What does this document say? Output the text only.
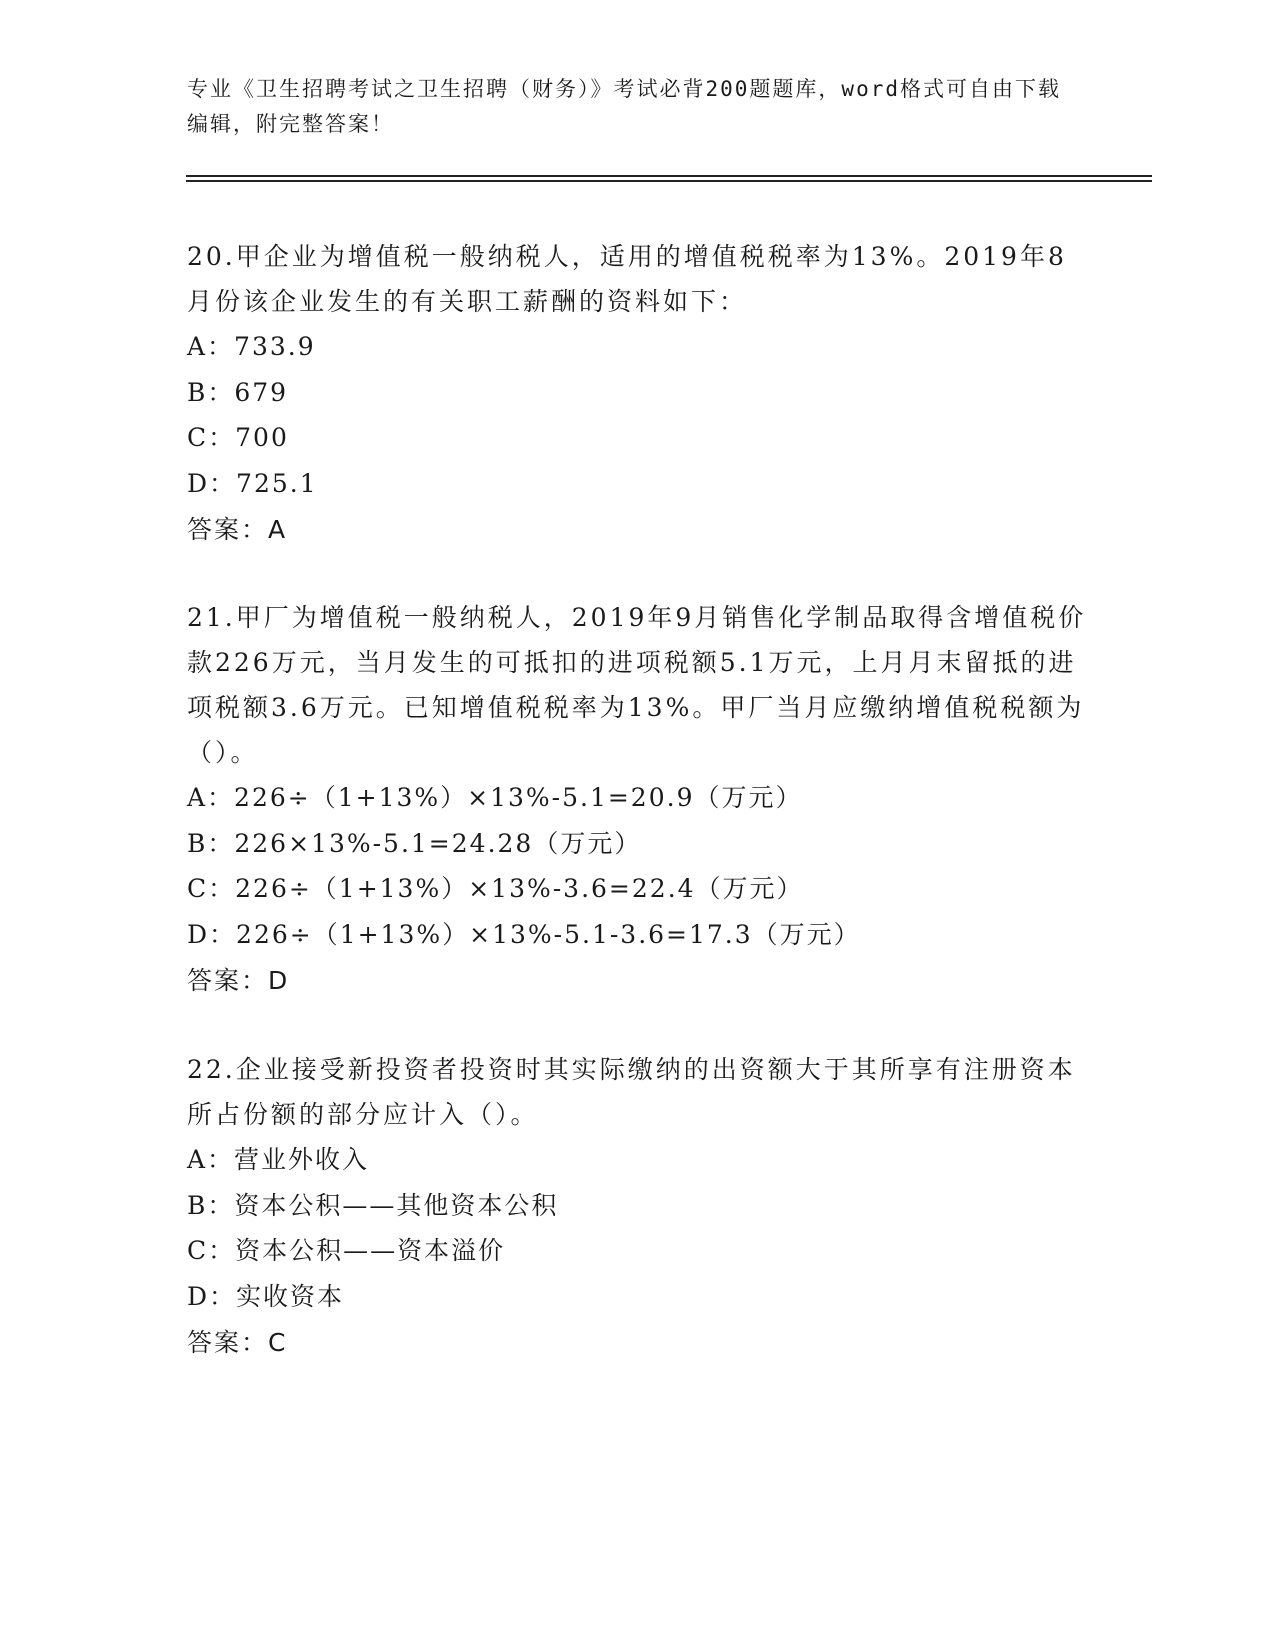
专业《卫生招聘考试之卫生招聘（财务）》考试必背200题题库，word格式可自由下载编辑，附完整答案！
20.甲企业为增值税一般纳税人，适用的增值税税率为13%。2019年8月份该企业发生的有关职工薪酬的资料如下：
A：733.9
B：679
C：700
D：725.1
答案：A
21.甲厂为增值税一般纳税人，2019年9月销售化学制品取得含增值税价款226万元，当月发生的可抵扣的进项税额5.1万元，上月月末留抵的进项税额3.6万元。已知增值税税率为13%。甲厂当月应缴纳增值税税额为（）。
A：226÷（1+13%）×13%-5.1=20.9（万元）
B：226×13%-5.1=24.28（万元）
C：226÷（1+13%）×13%-3.6=22.4（万元）
D：226÷（1+13%）×13%-5.1-3.6=17.3（万元）
答案：D
22.企业接受新投资者投资时其实际缴纳的出资额大于其所享有注册资本所占份额的部分应计入（）。
A：营业外收入
B：资本公积——其他资本公积
C：资本公积——资本溢价
D：实收资本
答案：C
